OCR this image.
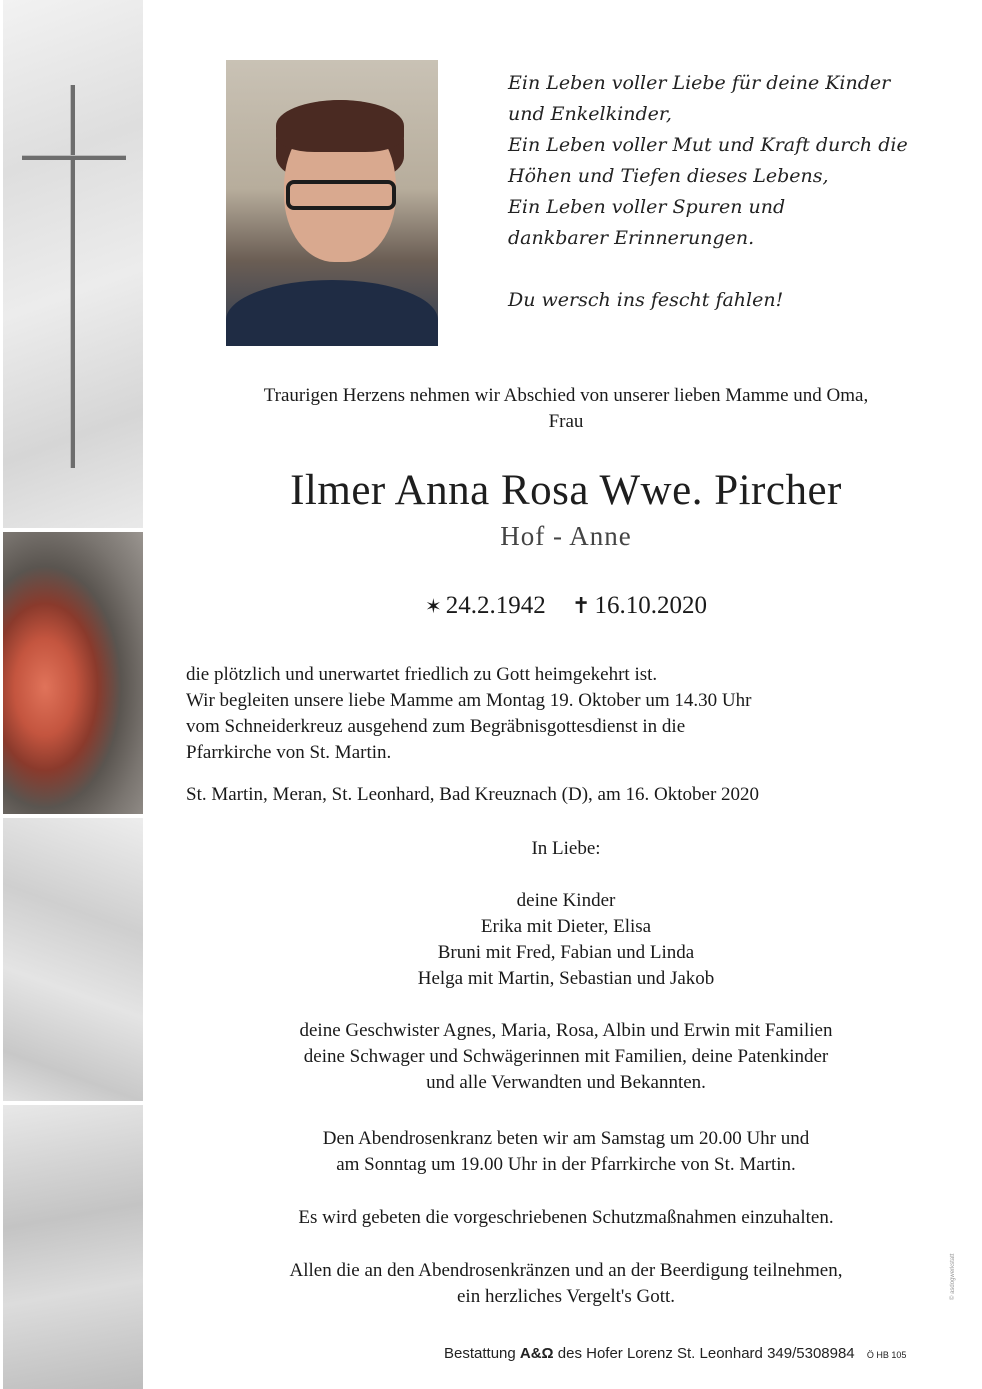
Ein Leben voller Liebe für deine Kinder
und Enkelkinder,
Ein Leben voller Mut und Kraft durch die
Höhen und Tiefen dieses Lebens,
Ein Leben voller Spuren und
dankbarer Erinnerungen.
Du wersch ins fescht fahlen!
Traurigen Herzens nehmen wir Abschied von unserer lieben Mamme und Oma,
Frau
Ilmer Anna Rosa Wwe. Pircher
Hof - Anne
✶ 24.2.1942 ✝ 16.10.2020
die plötzlich und unerwartet friedlich zu Gott heimgekehrt ist.
Wir begleiten unsere liebe Mamme am Montag 19. Oktober um 14.30 Uhr
vom Schneiderkreuz ausgehend zum Begräbnisgottesdienst in die
Pfarrkirche von St. Martin.
St. Martin, Meran, St. Leonhard, Bad Kreuznach (D), am 16. Oktober 2020
In Liebe:
deine Kinder
Erika mit Dieter, Elisa
Bruni mit Fred, Fabian und Linda
Helga mit Martin, Sebastian und Jakob
deine Geschwister Agnes, Maria, Rosa, Albin und Erwin mit Familien
deine Schwager und Schwägerinnen mit Familien, deine Patenkinder
und alle Verwandten und Bekannten.
Den Abendrosenkranz beten wir am Samstag um 20.00 Uhr und
am Sonntag um 19.00 Uhr in der Pfarrkirche von St. Martin.
Es wird gebeten die vorgeschriebenen Schutzmaßnahmen einzuhalten.
Allen die an den Abendrosenkränzen und an der Beerdigung teilnehmen,
ein herzliches Vergelt's Gott.
Bestattung A&Ω des Hofer Lorenz St. Leonhard 349/5308984 Ö HB 105
© asdogwerkstatt
